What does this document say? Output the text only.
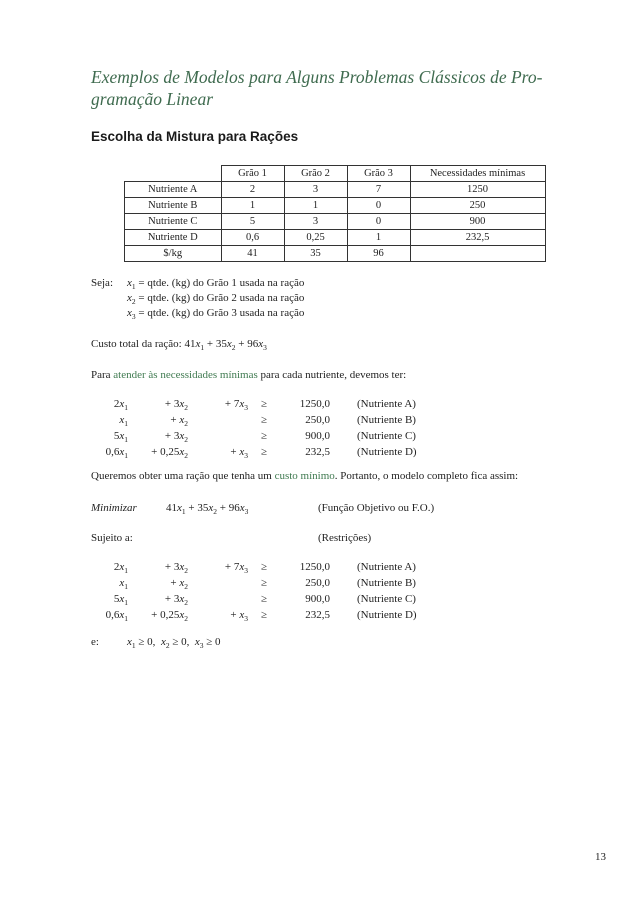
Exemplos de Modelos para Alguns Problemas Clássicos de Pro-
gramação Linear
Escolha da Mistura para Rações
	Grão 1	Grão 2	Grão 3	Necessidades mínimas
Nutriente A	2	3	7	1250
Nutriente B	1	1	0	250
Nutriente C	5	3	0	900
Nutriente D	0,6	0,25	1	232,5
$/kg	41	35	96	
Seja: $x_1$ = qtde. (kg) do Grão 1 usada na ração
$x_2$ = qtde. (kg) do Grão 2 usada na ração
$x_3$ = qtde. (kg) do Grão 3 usada na ração
Custo total da ração: $41x_1 + 35x_2 + 96x_3$
Para atender às necessidades mínimas para cada nutriente, devemos ter:
$2x_1$	+ $3x_2$	+ $7x_3$ ≥	1250,0 (Nutriente A)
$x_1$	+ $x_2$	≥	250,0 (Nutriente B)
$5x_1$	+ $3x_2$	≥	900,0 (Nutriente C)
$0,6x_1 + 0,25x_2$	+ $x_3$ ≥	232,5 (Nutriente D)
Queremos obter uma ração que tenha um custo mínimo. Portanto, o modelo completo fica assim:
Minimizar	$41x_1 + 35x_2 + 96x_3$	(Função Objetivo ou F.O.)
Sujeito a:	(Restrições)
$2x_1$	+ $3x_2$	+ $7x_3$ ≥	1250,0 (Nutriente A)
$x_1$	+ $x_2$	≥	250,0 (Nutriente B)
$5x_1$	+ $3x_2$	≥	900,0 (Nutriente C)
$0,6x_1 + 0,25x_2$	+ $x_3$ ≥	232,5 (Nutriente D)
e:	$x_1 \ge 0$,  $x_2 \ge 0$,  $x_3 \ge 0$
13
